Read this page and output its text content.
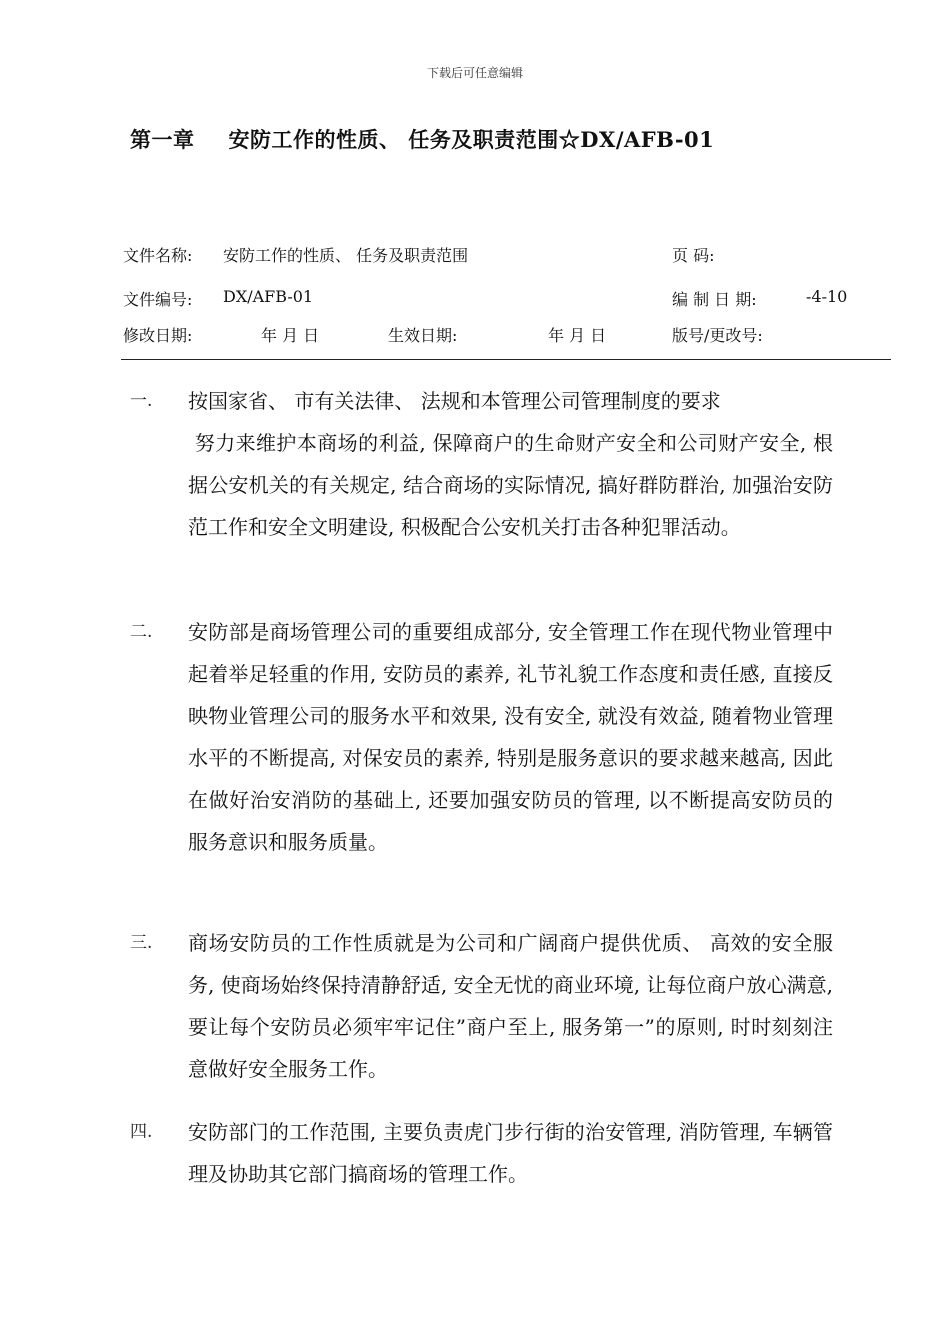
下载后可任意编辑
第一章 安防工作的性质、 任务及职责范围☆DX/AFB-01
文件名称: 安防工作的性质、 任务及职责范围	页 码:
文件编号: DX/AFB-01	编 制 日 期:	-4-10
修改日期:	年 月 日	生效日期:	年 月 日	版号/更改号:
一.	按国家省、 市有关法律、 法规和本管理公司管理制度的要求
努力来维护本商场的利益, 保障商户的生命财产安全和公司财产安全, 根据公安机关的有关规定, 结合商场的实际情况, 搞好群防群治, 加强治安防范工作和安全文明建设, 积极配合公安机关打击各种犯罪活动。
二.	安防部是商场管理公司的重要组成部分, 安全管理工作在现代物业管理中起着举足轻重的作用, 安防员的素养, 礼节礼貌工作态度和责任感, 直接反映物业管理公司的服务水平和效果, 没有安全, 就没有效益, 随着物业管理水平的不断提高, 对保安员的素养, 特别是服务意识的要求越来越高, 因此在做好治安消防的基础上, 还要加强安防员的管理, 以不断提高安防员的服务意识和服务质量。
三.	商场安防员的工作性质就是为公司和广阔商户提供优质、 高效的安全服务, 使商场始终保持清静舒适, 安全无忧的商业环境, 让每位商户放心满意, 要让每个安防员必须牢牢记住”商户至上, 服务第一”的原则, 时时刻刻注意做好安全服务工作。
四.	安防部门的工作范围, 主要负责虎门步行街的治安管理, 消防管理, 车辆管理及协助其它部门搞商场的管理工作。
